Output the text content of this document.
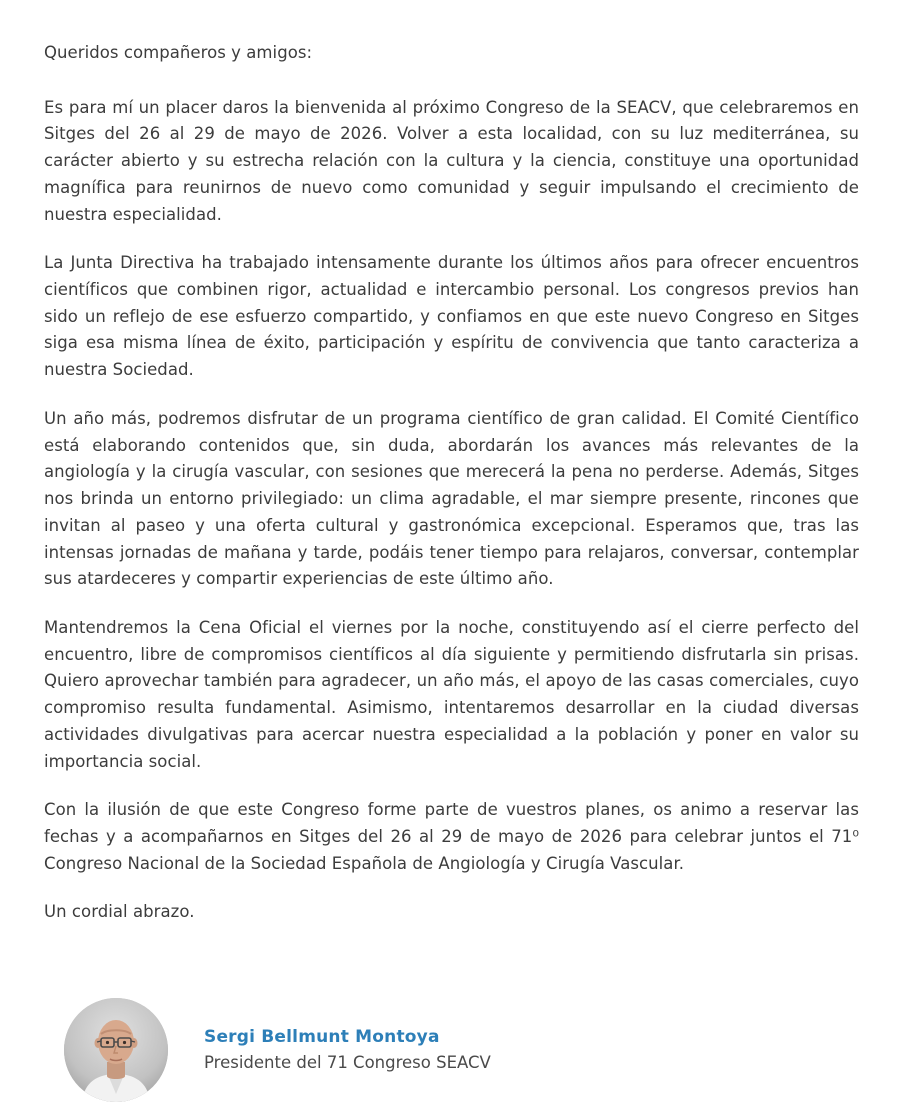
Queridos compañeros y amigos:

Es para mí un placer daros la bienvenida al próximo Congreso de la SEACV, que celebraremos en Sitges del 26 al 29 de mayo de 2026. Volver a esta localidad, con su luz mediterránea, su carácter abierto y su estrecha relación con la cultura y la ciencia, constituye una oportunidad magnífica para reunirnos de nuevo como comunidad y seguir impulsando el crecimiento de nuestra especialidad.

La Junta Directiva ha trabajado intensamente durante los últimos años para ofrecer encuentros científicos que combinen rigor, actualidad e intercambio personal. Los congresos previos han sido un reflejo de ese esfuerzo compartido, y confiamos en que este nuevo Congreso en Sitges siga esa misma línea de éxito, participación y espíritu de convivencia que tanto caracteriza a nuestra Sociedad.

Un año más, podremos disfrutar de un programa científico de gran calidad. El Comité Científico está elaborando contenidos que, sin duda, abordarán los avances más relevantes de la angiología y la cirugía vascular, con sesiones que merecerá la pena no perderse. Además, Sitges nos brinda un entorno privilegiado: un clima agradable, el mar siempre presente, rincones que invitan al paseo y una oferta cultural y gastronómica excepcional. Esperamos que, tras las intensas jornadas de mañana y tarde, podáis tener tiempo para relajaros, conversar, contemplar sus atardeceres y compartir experiencias de este último año.

Mantendremos la Cena Oficial el viernes por la noche, constituyendo así el cierre perfecto del encuentro, libre de compromisos científicos al día siguiente y permitiendo disfrutarla sin prisas. Quiero aprovechar también para agradecer, un año más, el apoyo de las casas comerciales, cuyo compromiso resulta fundamental. Asimismo, intentaremos desarrollar en la ciudad diversas actividades divulgativas para acercar nuestra especialidad a la población y poner en valor su importancia social.

Con la ilusión de que este Congreso forme parte de vuestros planes, os animo a reservar las fechas y a acompañarnos en Sitges del 26 al 29 de mayo de 2026 para celebrar juntos el 71⁰ Congreso Nacional de la Sociedad Española de Angiología y Cirugía Vascular.

Un cordial abrazo.

Sergi Bellmunt Montoya
Presidente del 71 Congreso SEACV
